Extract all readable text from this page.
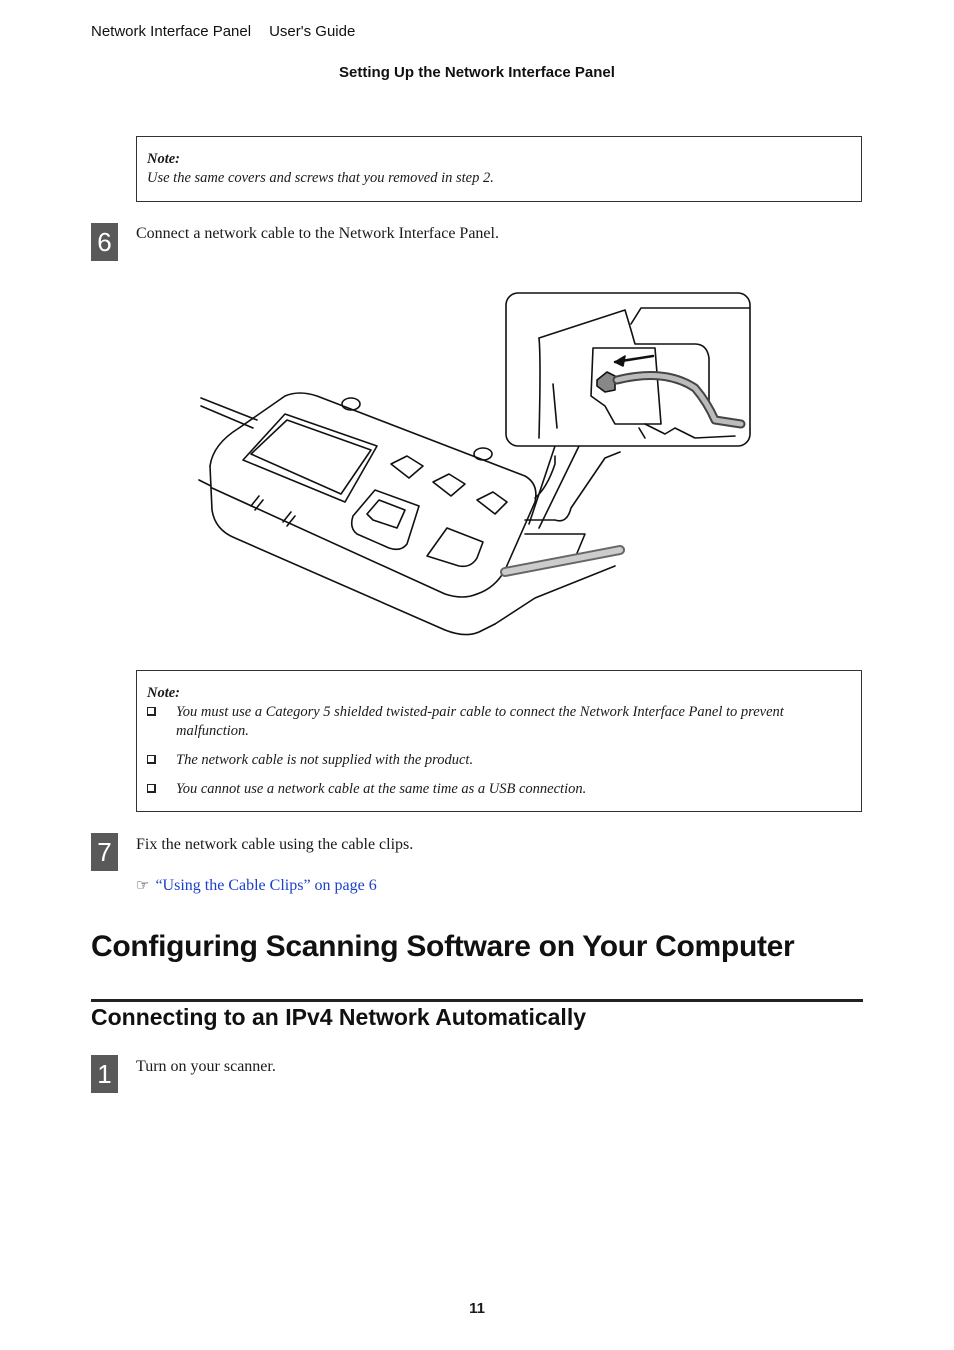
Network Interface Panel User's Guide
Setting Up the Network Interface Panel
Note:
Use the same covers and screws that you removed in step 2.
6	Connect a network cable to the Network Interface Panel.
Note:
You must use a Category 5 shielded twisted-pair cable to connect the Network Interface Panel to prevent malfunction.
The network cable is not supplied with the product.
You cannot use a network cable at the same time as a USB connection.
7	Fix the network cable using the cable clips.
☞ “Using the Cable Clips” on page 6
Configuring Scanning Software on Your Computer
Connecting to an IPv4 Network Automatically
1	Turn on your scanner.
11
